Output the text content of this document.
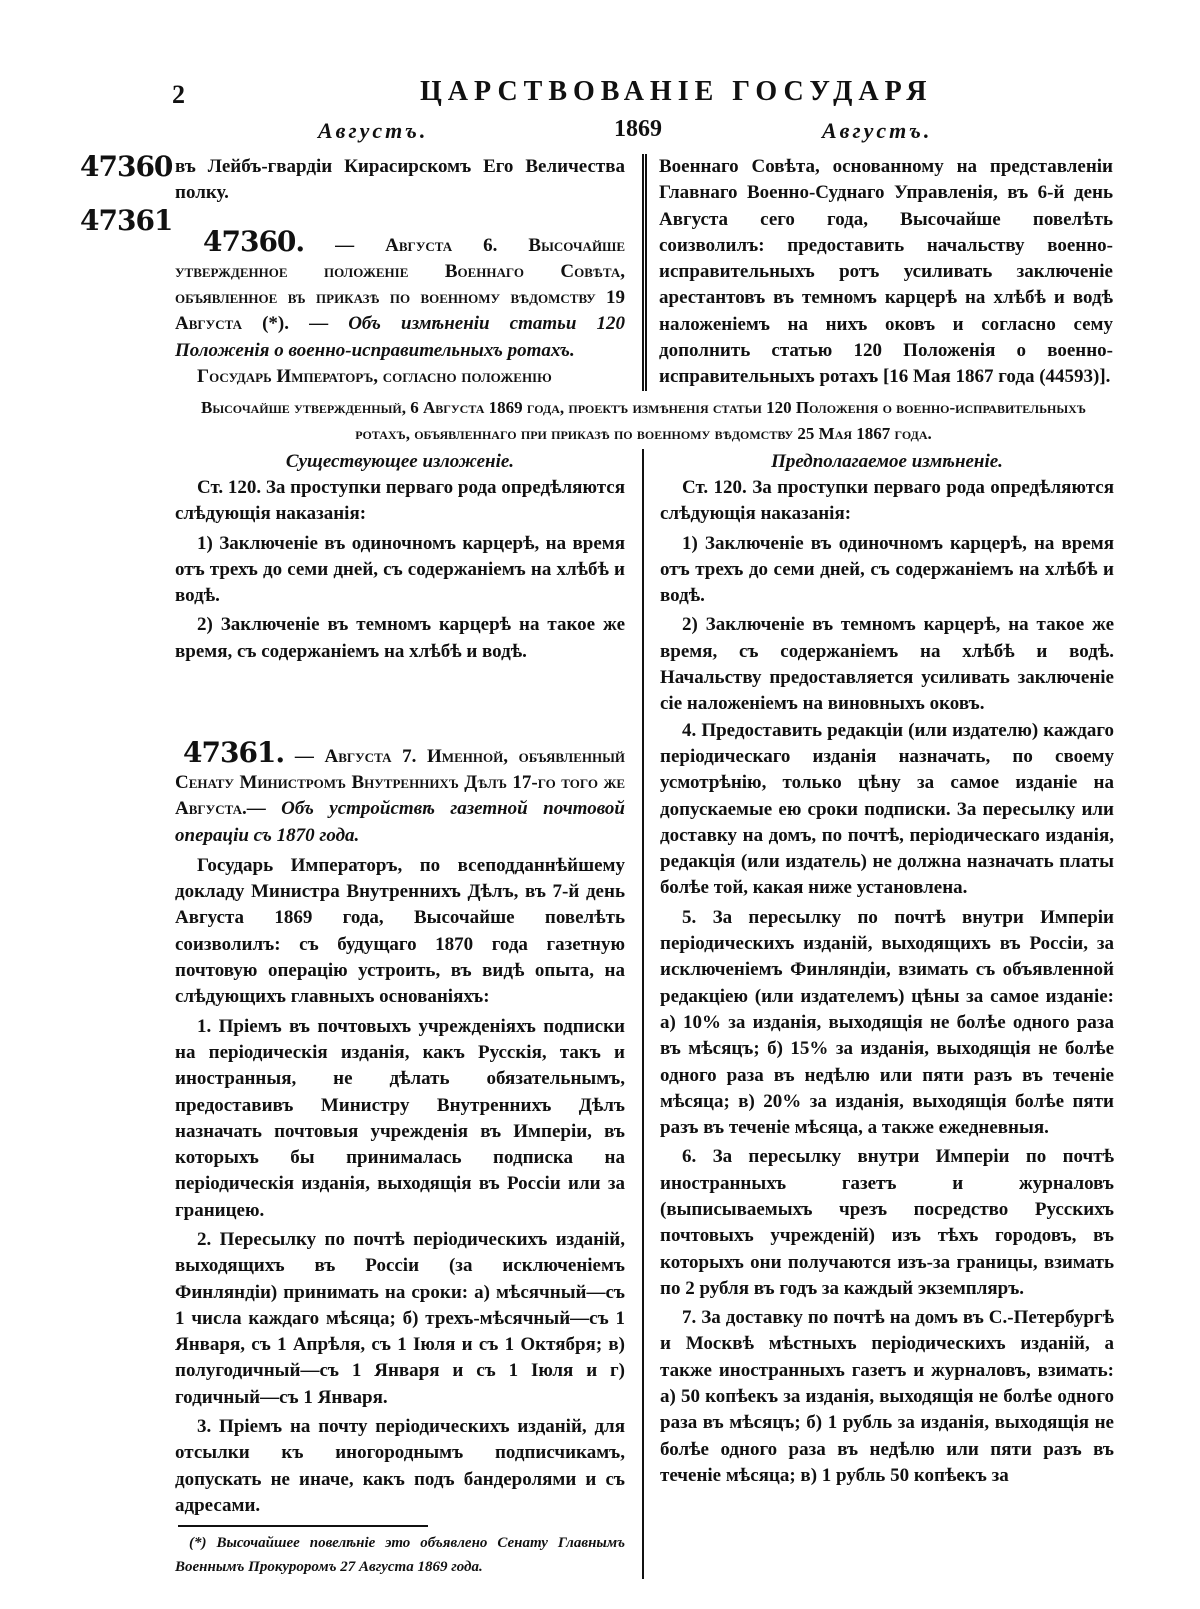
2	ЦАРСТВОВАНІЕ ГОСУДАРЯ
Августъ.	1869	Августъ.
47360
47361

въ Лейбъ-гвардіи Кирасирскомъ Его Величества полку.

47360. — Августа 6. Высочайше утвержденное положеніе Военнаго Совѣта, объявленное въ приказѣ по военному вѣдомству 19 Августа (*). — Объ измѣненіи статьи 120 Положенія о военно-исправительныхъ ротахъ.

Государь Императоръ, согласно положенію

Военнаго Совѣта, основанному на представленіи Главнаго Военно-Суднаго Управленія, въ 6-й день Августа сего года, Высочайше повелѣть соизволилъ: предоставить начальству военно-исправительныхъ ротъ усиливать заключеніе арестантовъ въ темномъ карцерѣ на хлѣбѣ и водѣ наложеніемъ на нихъ оковъ и согласно сему дополнить статью 120 Положенія о военно-исправительныхъ ротахъ [16 Мая 1867 года (44593)].

Высочайше утвержденный, 6 Августа 1869 года, проектъ измѣненія статьи 120 Положенія о военно-исправительныхъ ротахъ, объявленнаго при приказѣ по военному вѣдомству 25 Мая 1867 года.

Существующее изложеніе.

Ст. 120. За проступки перваго рода опредѣляются слѣдующія наказанія:

1) Заключеніе въ одиночномъ карцерѣ, на время отъ трехъ до семи дней, съ содержаніемъ на хлѣбѣ и водѣ.

2) Заключеніе въ темномъ карцерѣ на такое же время, съ содержаніемъ на хлѣбѣ и водѣ.

Предполагаемое измѣненіе.

Ст. 120. За проступки перваго рода опредѣляются слѣдующія наказанія:

1) Заключеніе въ одиночномъ карцерѣ, на время отъ трехъ до семи дней, съ содержаніемъ на хлѣбѣ и водѣ.

2) Заключеніе въ темномъ карцерѣ, на такое же время, съ содержаніемъ на хлѣбѣ и водѣ. Начальству предоставляется усиливать заключеніе сіе наложеніемъ на виновныхъ оковъ.

47361. — Августа 7. Именной, объявленный Сенату Министромъ Внутреннихъ Дѣлъ 17-го того же Августа.— Объ устройствѣ газетной почтовой операціи съ 1870 года.

Государь Императоръ, по всеподданнѣйшему докладу Министра Внутреннихъ Дѣлъ, въ 7-й день Августа 1869 года, Высочайше повелѣть соизволилъ: съ будущаго 1870 года газетную почтовую операцію устроить, въ видѣ опыта, на слѣдующихъ главныхъ основаніяхъ:

1. Пріемъ въ почтовыхъ учрежденіяхъ подписки на періодическія изданія, какъ Русскія, такъ и иностранныя, не дѣлать обязательнымъ, предоставивъ Министру Внутреннихъ Дѣлъ назначать почтовыя учрежденія въ Имперіи, въ которыхъ бы принималась подписка на періодическія изданія, выходящія въ Россіи или за границею.

2. Пересылку по почтѣ періодическихъ изданій, выходящихъ въ Россіи (за исключеніемъ Финляндіи) принимать на сроки: а) мѣсячный—съ 1 числа каждаго мѣсяца; б) трехъ-мѣсячный—съ 1 Января, съ 1 Апрѣля, съ 1 Іюля и съ 1 Октября; в) полугодичный—съ 1 Января и съ 1 Іюля и г) годичный—съ 1 Января.

3. Пріемъ на почту періодическихъ изданій, для отсылки къ иногороднымъ подписчикамъ, допускать не иначе, какъ подъ бандеролями и съ адресами.

(*) Высочайшее повелѣніе это объявлено Сенату Главнымъ Военнымъ Прокуроромъ 27 Августа 1869 года.

4. Предоставить редакціи (или издателю) каждаго періодическаго изданія назначать, по своему усмотрѣнію, только цѣну за самое изданіе на допускаемые ею сроки подписки. За пересылку или доставку на домъ, по почтѣ, періодическаго изданія, редакція (или издатель) не должна назначать платы болѣе той, какая ниже установлена.

5. За пересылку по почтѣ внутри Имперіи періодическихъ изданій, выходящихъ въ Россіи, за исключеніемъ Финляндіи, взимать съ объявленной редакціею (или издателемъ) цѣны за самое изданіе: а) 10% за изданія, выходящія не болѣе одного раза въ мѣсяцъ; б) 15% за изданія, выходящія не болѣе одного раза въ недѣлю или пяти разъ въ теченіе мѣсяца; в) 20% за изданія, выходящія болѣе пяти разъ въ теченіе мѣсяца, а также ежедневныя.

6. За пересылку внутри Имперіи по почтѣ иностранныхъ газетъ и журналовъ (выписываемыхъ чрезъ посредство Русскихъ почтовыхъ учрежденій) изъ тѣхъ городовъ, въ которыхъ они получаются изъ-за границы, взимать по 2 рубля въ годъ за каждый экземпляръ.

7. За доставку по почтѣ на домъ въ С.-Петербургѣ и Москвѣ мѣстныхъ періодическихъ изданій, а также иностранныхъ газетъ и журналовъ, взимать: а) 50 копѣекъ за изданія, выходящія не болѣе одного раза въ мѣсяцъ; б) 1 рубль за изданія, выходящія не болѣе одного раза въ недѣлю или пяти разъ въ теченіе мѣсяца; в) 1 рубль 50 копѣекъ за
